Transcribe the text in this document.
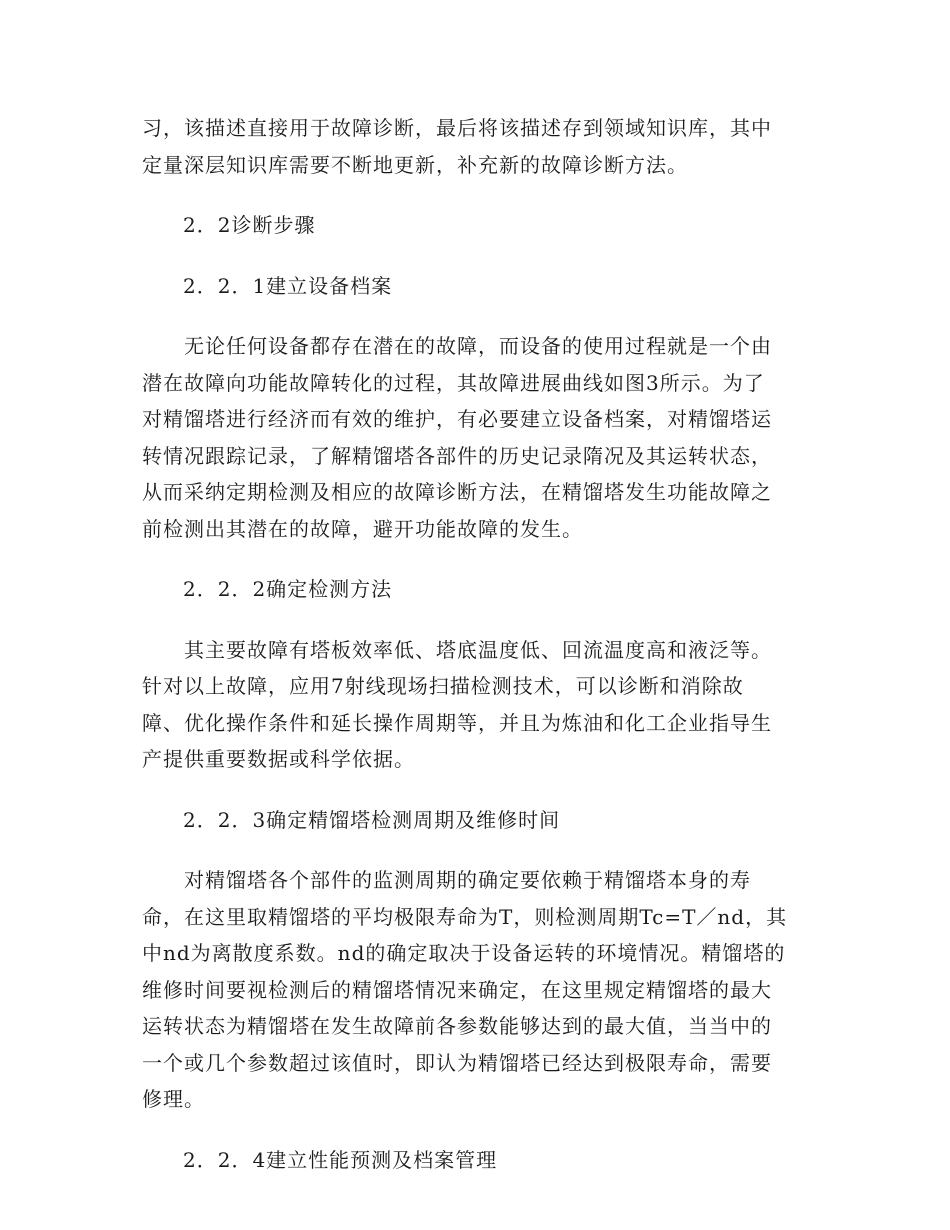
习，该描述直接用于故障诊断，最后将该描述存到领域知识库，其中
定量深层知识库需要不断地更新，补充新的故障诊断方法。

2．2诊断步骤

2．2．1建立设备档案

　　无论任何设备都存在潜在的故障，而设备的使用过程就是一个由
潜在故障向功能故障转化的过程，其故障进展曲线如图3所示。为了
对精馏塔进行经济而有效的维护，有必要建立设备档案，对精馏塔运
转情况跟踪记录，了解精馏塔各部件的历史记录隋况及其运转状态，
从而采纳定期检测及相应的故障诊断方法，在精馏塔发生功能故障之
前检测出其潜在的故障，避开功能故障的发生。

2．2．2确定检测方法

　　其主要故障有塔板效率低、塔底温度低、回流温度高和液泛等。
针对以上故障，应用7射线现场扫描检测技术，可以诊断和消除故
障、优化操作条件和延长操作周期等，并且为炼油和化工企业指导生
产提供重要数据或科学依据。

2．2．3确定精馏塔检测周期及维修时间

　　对精馏塔各个部件的监测周期的确定要依赖于精馏塔本身的寿
命，在这里取精馏塔的平均极限寿命为T，则检测周期Tc=T／nd，其
中nd为离散度系数。nd的确定取决于设备运转的环境情况。精馏塔的
维修时间要视检测后的精馏塔情况来确定，在这里规定精馏塔的最大
运转状态为精馏塔在发生故障前各参数能够达到的最大值，当当中的
一个或几个参数超过该值时，即认为精馏塔已经达到极限寿命，需要
修理。

2．2．4建立性能预测及档案管理
